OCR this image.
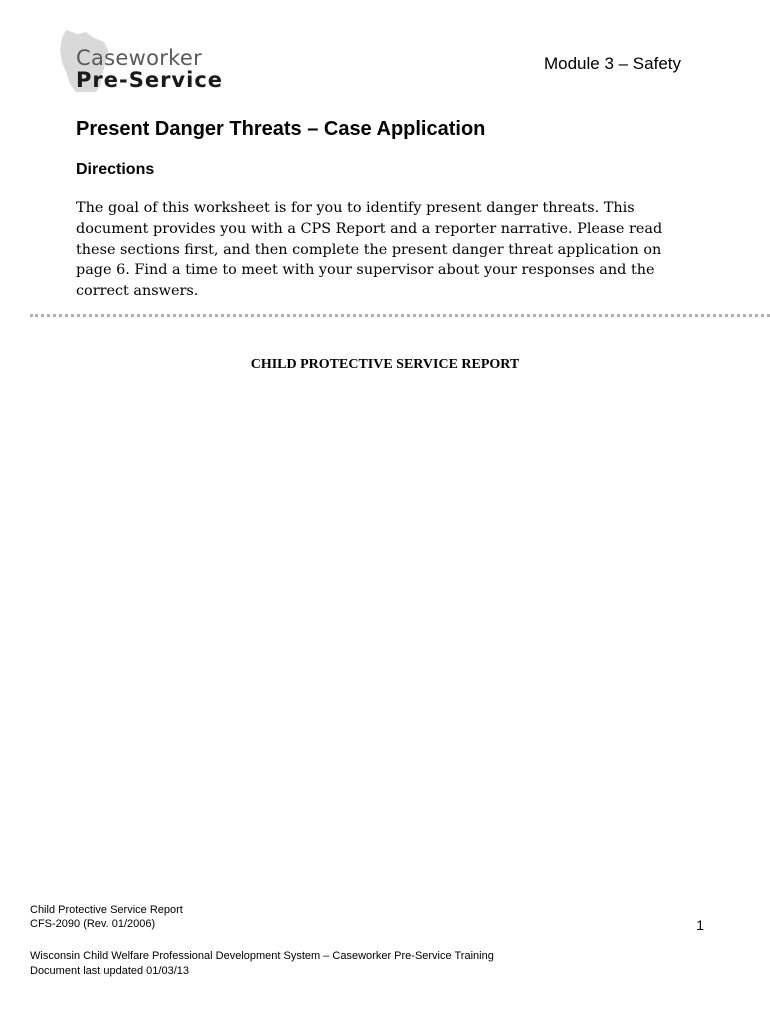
Caseworker
Pre-Service
Module 3 – Safety
Present Danger Threats – Case Application
Directions

The goal of this worksheet is for you to identify present danger threats. This document provides you with a CPS Report and a reporter narrative. Please read these sections first, and then complete the present danger threat application on page 6. Find a time to meet with your supervisor about your responses and the correct answers.

CHILD PROTECTIVE SERVICE REPORT
Child Protective Service Report
CFS-2090 (Rev. 01/2006)	1
Wisconsin Child Welfare Professional Development System – Caseworker Pre-Service Training
Document last updated 01/03/13
